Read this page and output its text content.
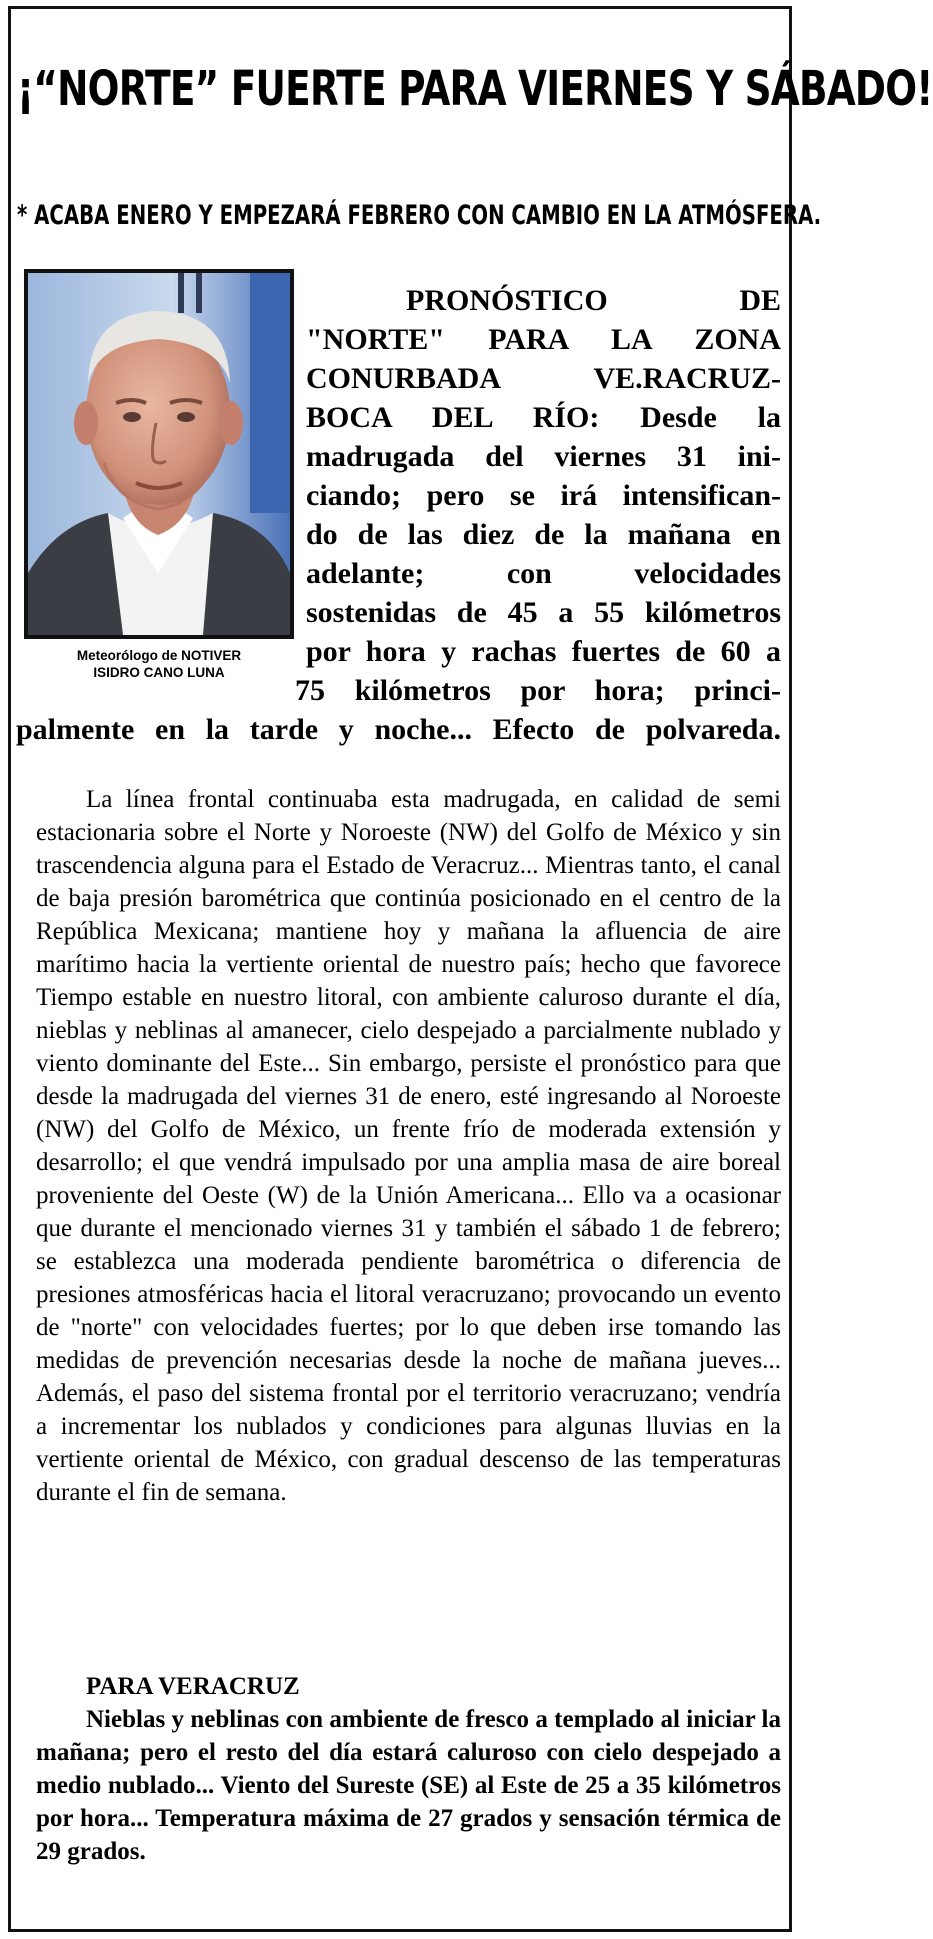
¡“NORTE” FUERTE PARA VIERNES Y SÁBADO!
* ACABA ENERO Y EMPEZARÁ FEBRERO CON CAMBIO EN LA ATMÓSFERA.
Meteorólogo de NOTIVER
ISIDRO CANO LUNA
PRONÓSTICO DE
"NORTE" PARA LA ZONA
CONURBADA VE.RACRUZ-
BOCA DEL RÍO: Desde la
madrugada del viernes 31 ini-
ciando; pero se irá intensifican-
do de las diez de la mañana en
adelante; con velocidades
sostenidas de 45 a 55 kilómetros
por hora y rachas fuertes de 60 a
75 kilómetros por hora; princi-
palmente en la tarde y noche... Efecto de polvareda.

La línea frontal continuaba esta madrugada, en calidad de semi estacionaria sobre el Norte y Noroeste (NW) del Golfo de México y sin trascendencia alguna para el Estado de Veracruz... Mientras tanto, el canal de baja presión barométrica que continúa posicionado en el centro de la República Mexicana; mantiene hoy y mañana la afluencia de aire marítimo hacia la vertiente oriental de nuestro país; hecho que favorece Tiempo estable en nuestro litoral, con ambiente caluroso durante el día, nieblas y neblinas al amanecer, cielo despejado a parcialmente nublado y viento dominante del Este... Sin embargo, persiste el pronóstico para que desde la madrugada del viernes 31 de enero, esté ingresando al Noroeste (NW) del Golfo de México, un frente frío de moderada extensión y desarrollo; el que vendrá impulsado por una amplia masa de aire boreal proveniente del Oeste (W) de la Unión Americana... Ello va a ocasionar que durante el mencionado viernes 31 y también el sábado 1 de febrero; se establezca una moderada pendiente barométrica o diferencia de presiones atmosféricas hacia el litoral veracruzano; provocando un evento de "norte" con velocidades fuertes; por lo que deben irse tomando las medidas de prevención necesarias desde la noche de mañana jueves... Además, el paso del sistema frontal por el territorio veracruzano; vendría a incrementar los nublados y condiciones para algunas lluvias en la vertiente oriental de México, con gradual descenso de las temperaturas durante el fin de semana.

PARA VERACRUZ

Nieblas y neblinas con ambiente de fresco a templado al iniciar la mañana; pero el resto del día estará caluroso con cielo despejado a medio nublado... Viento del Sureste (SE) al Este de 25 a 35 kilómetros por hora... Temperatura máxima de 27 grados y sensación térmica de 29 grados.
